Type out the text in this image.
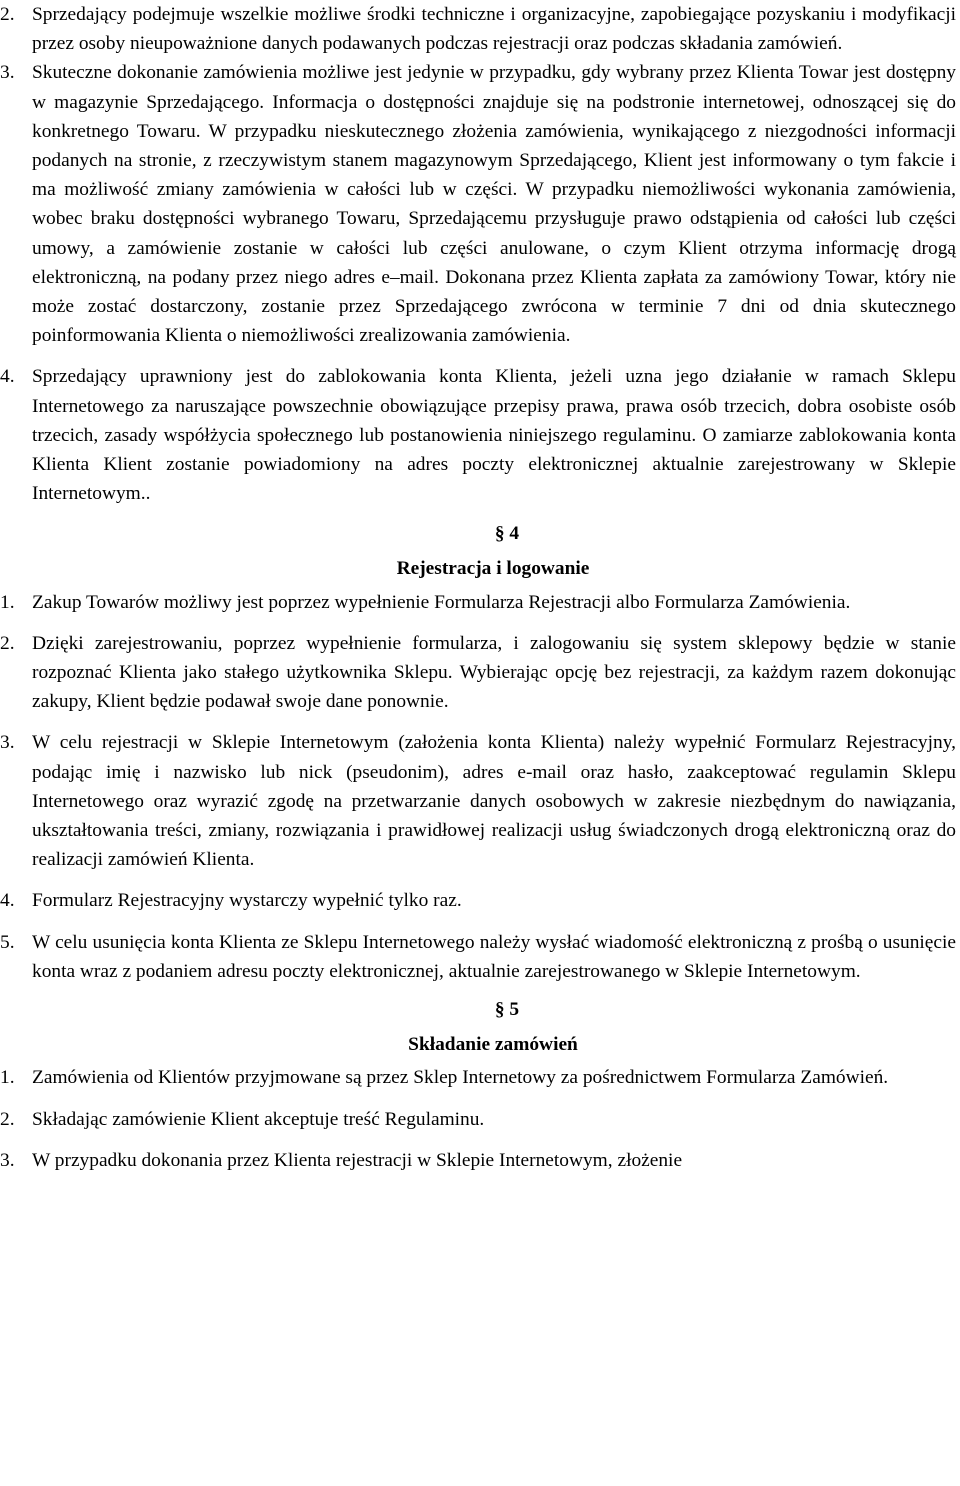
2. Sprzedający podejmuje wszelkie możliwe środki techniczne i organizacyjne, zapobiegające pozyskaniu i modyfikacji przez osoby nieupoważnione danych podawanych podczas rejestracji oraz podczas składania zamówień.
3. Skuteczne dokonanie zamówienia możliwe jest jedynie w przypadku, gdy wybrany przez Klienta Towar jest dostępny w magazynie Sprzedającego. Informacja o dostępności znajduje się na podstronie internetowej, odnoszącej się do konkretnego Towaru. W przypadku nieskutecznego złożenia zamówienia, wynikającego z niezgodności informacji podanych na stronie, z rzeczywistym stanem magazynowym Sprzedającego, Klient jest informowany o tym fakcie i ma możliwość zmiany zamówienia w całości lub w części. W przypadku niemożliwości wykonania zamówienia, wobec braku dostępności wybranego Towaru, Sprzedającemu przysługuje prawo odstąpienia od całości lub części umowy, a zamówienie zostanie w całości lub części anulowane, o czym Klient otrzyma informację drogą elektroniczną, na podany przez niego adres e–mail. Dokonana przez Klienta zapłata za zamówiony Towar, który nie może zostać dostarczony, zostanie przez Sprzedającego zwrócona w terminie 7 dni od dnia skutecznego poinformowania Klienta o niemożliwości zrealizowania zamówienia.
4. Sprzedający uprawniony jest do zablokowania konta Klienta, jeżeli uzna jego działanie w ramach Sklepu Internetowego za naruszające powszechnie obowiązujące przepisy prawa, prawa osób trzecich, dobra osobiste osób trzecich, zasady współżycia społecznego lub postanowienia niniejszego regulaminu. O zamiarze zablokowania konta Klienta Klient zostanie powiadomiony na adres poczty elektronicznej aktualnie zarejestrowany w Sklepie Internetowym..
§ 4
Rejestracja i logowanie
1. Zakup Towarów możliwy jest poprzez wypełnienie Formularza Rejestracji albo Formularza Zamówienia.
2. Dzięki zarejestrowaniu, poprzez wypełnienie formularza, i zalogowaniu się system sklepowy będzie w stanie rozpoznać Klienta jako stałego użytkownika Sklepu. Wybierając opcję bez rejestracji, za każdym razem dokonując zakupy, Klient będzie podawał swoje dane ponownie.
3. W celu rejestracji w Sklepie Internetowym (założenia konta Klienta) należy wypełnić Formularz Rejestracyjny, podając imię i nazwisko lub nick (pseudonim), adres e-mail oraz hasło, zaakceptować regulamin Sklepu Internetowego oraz wyrazić zgodę na przetwarzanie danych osobowych w zakresie niezbędnym do nawiązania, ukształtowania treści, zmiany, rozwiązania i prawidłowej realizacji usług świadczonych drogą elektroniczną oraz do realizacji zamówień Klienta.
4. Formularz Rejestracyjny wystarczy wypełnić tylko raz.
5. W celu usunięcia konta Klienta ze Sklepu Internetowego należy wysłać wiadomość elektroniczną z prośbą o usunięcie konta wraz z podaniem adresu poczty elektronicznej, aktualnie zarejestrowanego w Sklepie Internetowym.
§ 5
Składanie zamówień
1. Zamówienia od Klientów przyjmowane są przez Sklep Internetowy za pośrednictwem Formularza Zamówień.
2. Składając zamówienie Klient akceptuje treść Regulaminu.
3. W przypadku dokonania przez Klienta rejestracji w Sklepie Internetowym, złożenie
